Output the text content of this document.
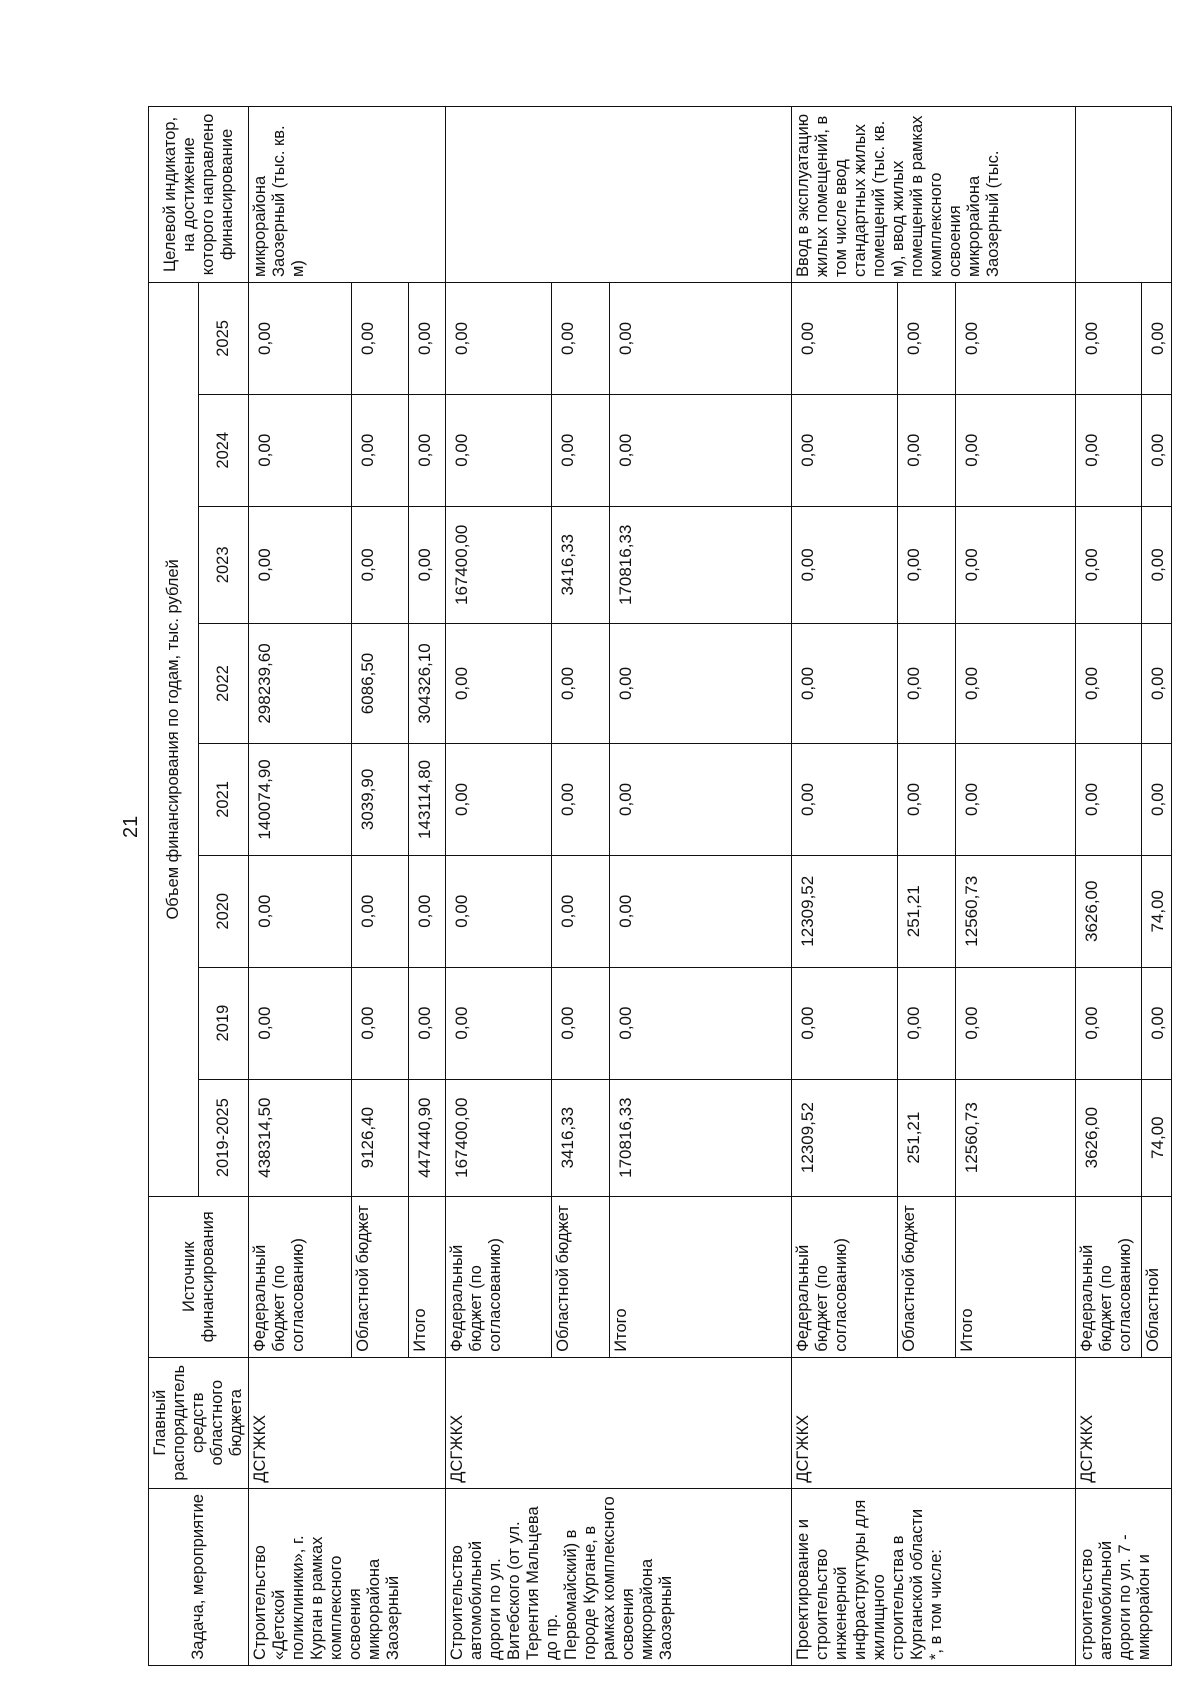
21
Задача, мероприятие	Главный распорядитель средств областного бюджета	Источник финансирования	Объем финансирования по годам, тыс. рублей								Целевой индикатор, на достижение которого направлено финансирование
			2019-2025	2019	2020	2021	2022	2023	2024	2025	
Строительство «Детской поликлиники», г. Курган в рамках комплексного освоения микрорайона Заозерный	ДСГЖКХ	Федеральный бюджет (по согласованию)	438314,50	0,00	0,00	140074,90	298239,60	0,00	0,00	0,00	микрорайона Заозерный (тыс. кв. м)
		Областной бюджет	9126,40	0,00	0,00	3039,90	6086,50	0,00	0,00	0,00	
		Итого	447440,90	0,00	0,00	143114,80	304326,10	0,00	0,00	0,00	
Строительство автомобильной дороги по ул. Витебского (от ул. Терентия Мальцева до пр. Первомайский) в городе Кургане, в рамках комплексного освоения микрорайона Заозерный	ДСГЖКХ	Федеральный бюджет (по согласованию)	167400,00	0,00	0,00	0,00	0,00	167400,00	0,00	0,00	
		Областной бюджет	3416,33	0,00	0,00	0,00	0,00	3416,33	0,00	0,00	
		Итого	170816,33	0,00	0,00	0,00	0,00	170816,33	0,00	0,00	
Проектирование и строительство инженерной инфраструктуры для жилищного строительства в Курганской области *, в том числе:	ДСГЖКХ	Федеральный бюджет (по согласованию)	12309,52	0,00	12309,52	0,00	0,00	0,00	0,00	0,00	Ввод в эксплуатацию жилых помещений, в том числе ввод стандартных жилых помещений (тыс. кв. м), ввод жилых помещений в рамках комплексного освоения микрорайона Заозерный (тыс.
		Областной бюджет	251,21	0,00	251,21	0,00	0,00	0,00	0,00	0,00	
		Итого	12560,73	0,00	12560,73	0,00	0,00	0,00	0,00	0,00	
строительство автомобильной дороги по ул. 7 - микрорайон и	ДСГЖКХ	Федеральный бюджет (по согласованию)	3626,00	0,00	3626,00	0,00	0,00	0,00	0,00	0,00	
		Областной	74,00	0,00	74,00	0,00	0,00	0,00	0,00	0,00	
